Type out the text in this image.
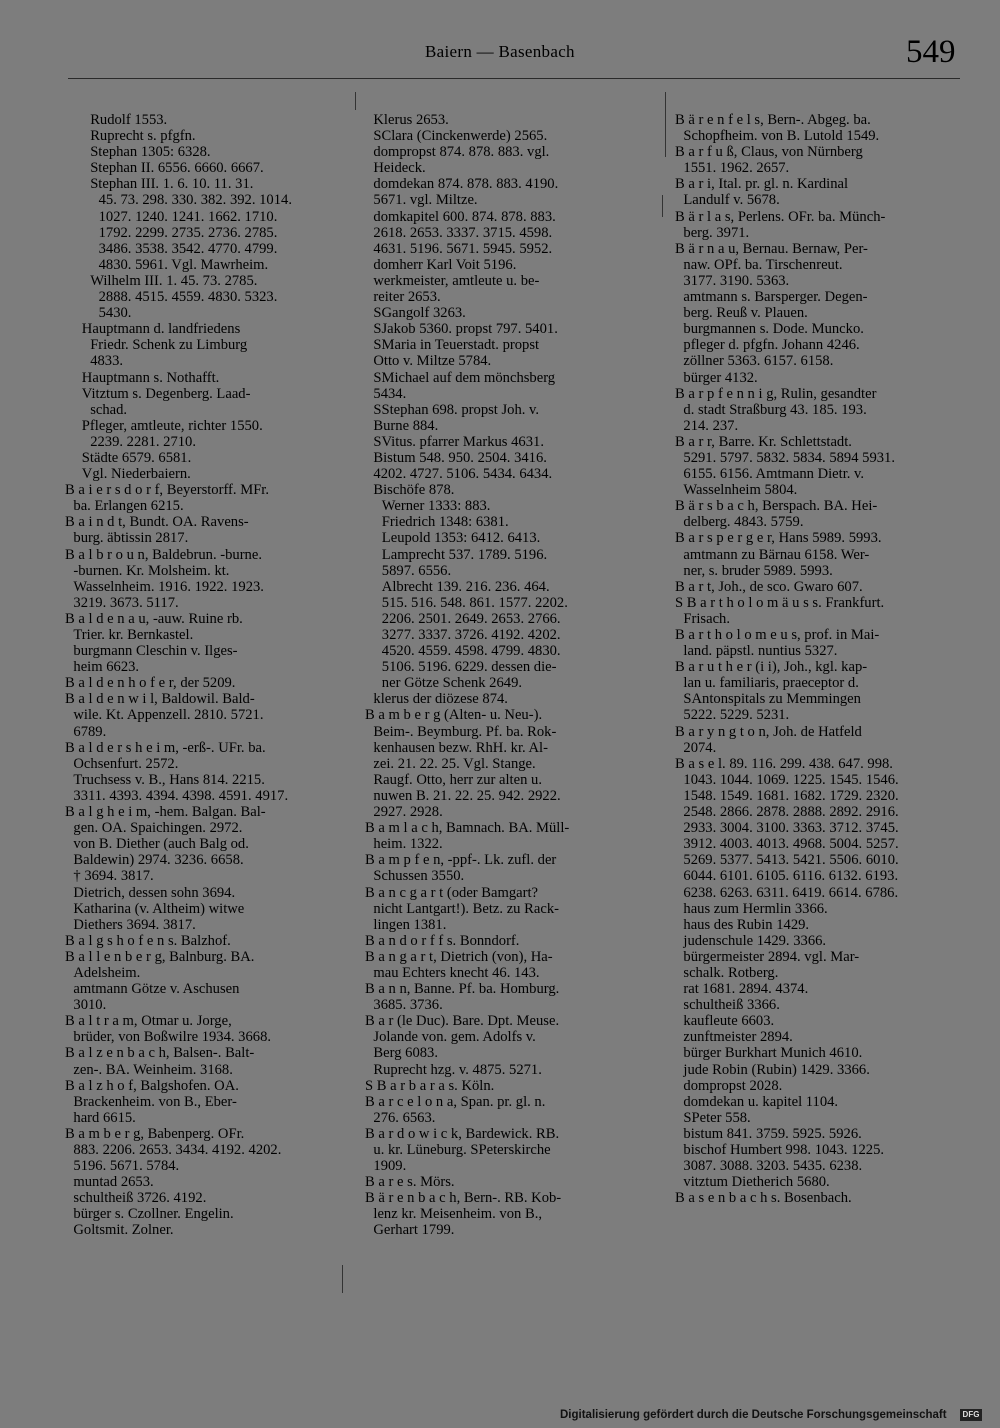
Baiern — Basenbach	549
Rudolf 1553.
Ruprecht s. pfgfn.
Stephan 1305: 6328.
Stephan II. 6556. 6660. 6667.
Stephan III. 1. 6. 10. 11. 31.
45. 73. 298. 330. 382. 392. 1014.
1027. 1240. 1241. 1662. 1710.
1792. 2299. 2735. 2736. 2785.
3486. 3538. 3542. 4770. 4799.
4830. 5961. Vgl. Mawrheim.
Wilhelm III. 1. 45. 73. 2785.
2888. 4515. 4559. 4830. 5323.
5430.
Hauptmann d. landfriedens
Friedr. Schenk zu Limburg
4833.
Hauptmann s. Nothafft.
Vitztum s. Degenberg. Laad-
schad.
Pfleger, amtleute, richter 1550.
2239. 2281. 2710.
Städte 6579. 6581.
Vgl. Niederbaiern.
B a i e r s d o r f, Beyerstorff. MFr.
ba. Erlangen 6215.
B a i n d t, Bundt. OA. Ravens-
burg. äbtissin 2817.
B a l b r o u n, Baldebrun. -burne.
-burnen. Kr. Molsheim. kt.
Wasselnheim. 1916. 1922. 1923.
3219. 3673. 5117.
B a l d e n a u, -auw. Ruine rb.
Trier. kr. Bernkastel.
burgmann Cleschin v. Ilges-
heim 6623.
B a l d e n h o f e r, der 5209.
B a l d e n w i l, Baldowil. Bald-
wile. Kt. Appenzell. 2810. 5721.
6789.
B a l d e r s h e i m, -erß-. UFr. ba.
Ochsenfurt. 2572.
Truchsess v. B., Hans 814. 2215.
3311. 4393. 4394. 4398. 4591. 4917.
B a l g h e i m, -hem. Balgan. Bal-
gen. OA. Spaichingen. 2972.
von B. Diether (auch Balg od.
Baldewin) 2974. 3236. 6658.
† 3694. 3817.
Dietrich, dessen sohn 3694.
Katharina (v. Altheim) witwe
Diethers 3694. 3817.
B a l g s h o f e n s. Balzhof.
B a l l e n b e r g, Balnburg. BA.
Adelsheim.
amtmann Götze v. Aschusen
3010.
B a l t r a m, Otmar u. Jorge,
brüder, von Boßwilre 1934. 3668.
B a l z e n b a c h, Balsen-. Balt-
zen-. BA. Weinheim. 3168.
B a l z h o f, Balgshofen. OA.
Brackenheim. von B., Eber-
hard 6615.
B a m b e r g, Babenperg. OFr.
883. 2206. 2653. 3434. 4192. 4202.
5196. 5671. 5784.
muntad 2653.
schultheiß 3726. 4192.
bürger s. Czollner. Engelin.
Goltsmit. Zolner.
Klerus 2653.
SClara (Cinckenwerde) 2565.
dompropst 874. 878. 883. vgl.
Heideck.
domdekan 874. 878. 883. 4190.
5671. vgl. Miltze.
domkapitel 600. 874. 878. 883.
2618. 2653. 3337. 3715. 4598.
4631. 5196. 5671. 5945. 5952.
domherr Karl Voit 5196.
werkmeister, amtleute u. be-
reiter 2653.
SGangolf 3263.
SJakob 5360. propst 797. 5401.
SMaria in Teuerstadt. propst
Otto v. Miltze 5784.
SMichael auf dem mönchsberg
5434.
SStephan 698. propst Joh. v.
Burne 884.
SVitus. pfarrer Markus 4631.
Bistum 548. 950. 2504. 3416.
4202. 4727. 5106. 5434. 6434.
Bischöfe 878.
Werner 1333: 883.
Friedrich 1348: 6381.
Leupold 1353: 6412. 6413.
Lamprecht 537. 1789. 5196.
5897. 6556.
Albrecht 139. 216. 236. 464.
515. 516. 548. 861. 1577. 2202.
2206. 2501. 2649. 2653. 2766.
3277. 3337. 3726. 4192. 4202.
4520. 4559. 4598. 4799. 4830.
5106. 5196. 6229. dessen die-
ner Götze Schenk 2649.
klerus der diözese 874.
B a m b e r g (Alten- u. Neu-).
Beim-. Beymburg. Pf. ba. Rok-
kenhausen bezw. RhH. kr. Al-
zei. 21. 22. 25. Vgl. Stange.
Raugf. Otto, herr zur alten u.
nuwen B. 21. 22. 25. 942. 2922.
2927. 2928.
B a m l a c h, Bamnach. BA. Müll-
heim. 1322.
B a m p f e n, -ppf-. Lk. zufl. der
Schussen 3550.
B a n c g a r t (oder Bamgart?
nicht Lantgart!). Betz. zu Rack-
lingen 1381.
B a n d o r f f s. Bonndorf.
B a n g a r t, Dietrich (von), Ha-
mau Echters knecht 46. 143.
B a n n, Banne. Pf. ba. Homburg.
3685. 3736.
B a r (le Duc). Bare. Dpt. Meuse.
Jolande von. gem. Adolfs v.
Berg 6083.
Ruprecht hzg. v. 4875. 5271.
S B a r b a r a s. Köln.
B a r c e l o n a, Span. pr. gl. n.
276. 6563.
B a r d o w i c k, Bardewick. RB.
u. kr. Lüneburg. SPeterskirche
1909.
B a r e s. Mörs.
B ä r e n b a c h, Bern-. RB. Kob-
lenz kr. Meisenheim. von B.,
Gerhart 1799.
B ä r e n f e l s, Bern-. Abgeg. ba.
Schopfheim. von B. Lutold 1549.
B a r f u ß, Claus, von Nürnberg
1551. 1962. 2657.
B a r i, Ital. pr. gl. n. Kardinal
Landulf v. 5678.
B ä r l a s, Perlens. OFr. ba. Münch-
berg. 3971.
B ä r n a u, Bernau. Bernaw, Per-
naw. OPf. ba. Tirschenreut.
3177. 3190. 5363.
amtmann s. Barsperger. Degen-
berg. Reuß v. Plauen.
burgmannen s. Dode. Muncko.
pfleger d. pfgfn. Johann 4246.
zöllner 5363. 6157. 6158.
bürger 4132.
B a r p f e n n i g, Rulin, gesandter
d. stadt Straßburg 43. 185. 193.
214. 237.
B a r r, Barre. Kr. Schlettstadt.
5291. 5797. 5832. 5834. 5894 5931.
6155. 6156. Amtmann Dietr. v.
Wasselnheim 5804.
B ä r s b a c h, Berspach. BA. Hei-
delberg. 4843. 5759.
B a r s p e r g e r, Hans 5989. 5993.
amtmann zu Bärnau 6158. Wer-
ner, s. bruder 5989. 5993.
B a r t, Joh., de sco. Gwaro 607.
S B a r t h o l o m ä u s s. Frankfurt.
Frisach.
B a r t h o l o m e u s, prof. in Mai-
land. päpstl. nuntius 5327.
B a r u t h e r (i i), Joh., kgl. kap-
lan u. familiaris, praeceptor d.
SAntonspitals zu Memmingen
5222. 5229. 5231.
B a r y n g t o n, Joh. de Hatfeld
2074.
B a s e l. 89. 116. 299. 438. 647. 998.
1043. 1044. 1069. 1225. 1545. 1546.
1548. 1549. 1681. 1682. 1729. 2320.
2548. 2866. 2878. 2888. 2892. 2916.
2933. 3004. 3100. 3363. 3712. 3745.
3912. 4003. 4013. 4968. 5004. 5257.
5269. 5377. 5413. 5421. 5506. 6010.
6044. 6101. 6105. 6116. 6132. 6193.
6238. 6263. 6311. 6419. 6614. 6786.
haus zum Hermlin 3366.
haus des Rubin 1429.
judenschule 1429. 3366.
bürgermeister 2894. vgl. Mar-
schalk. Rotberg.
rat 1681. 2894. 4374.
schultheiß 3366.
kaufleute 6603.
zunftmeister 2894.
bürger Burkhart Munich 4610.
jude Robin (Rubin) 1429. 3366.
dompropst 2028.
domdekan u. kapitel 1104.
SPeter 558.
bistum 841. 3759. 5925. 5926.
bischof Humbert 998. 1043. 1225.
3087. 3088. 3203. 5435. 6238.
vitztum Dietherich 5680.
B a s e n b a c h s. Bosenbach.
Digitalisierung gefördert durch die Deutsche Forschungsgemeinschaft	DFG
